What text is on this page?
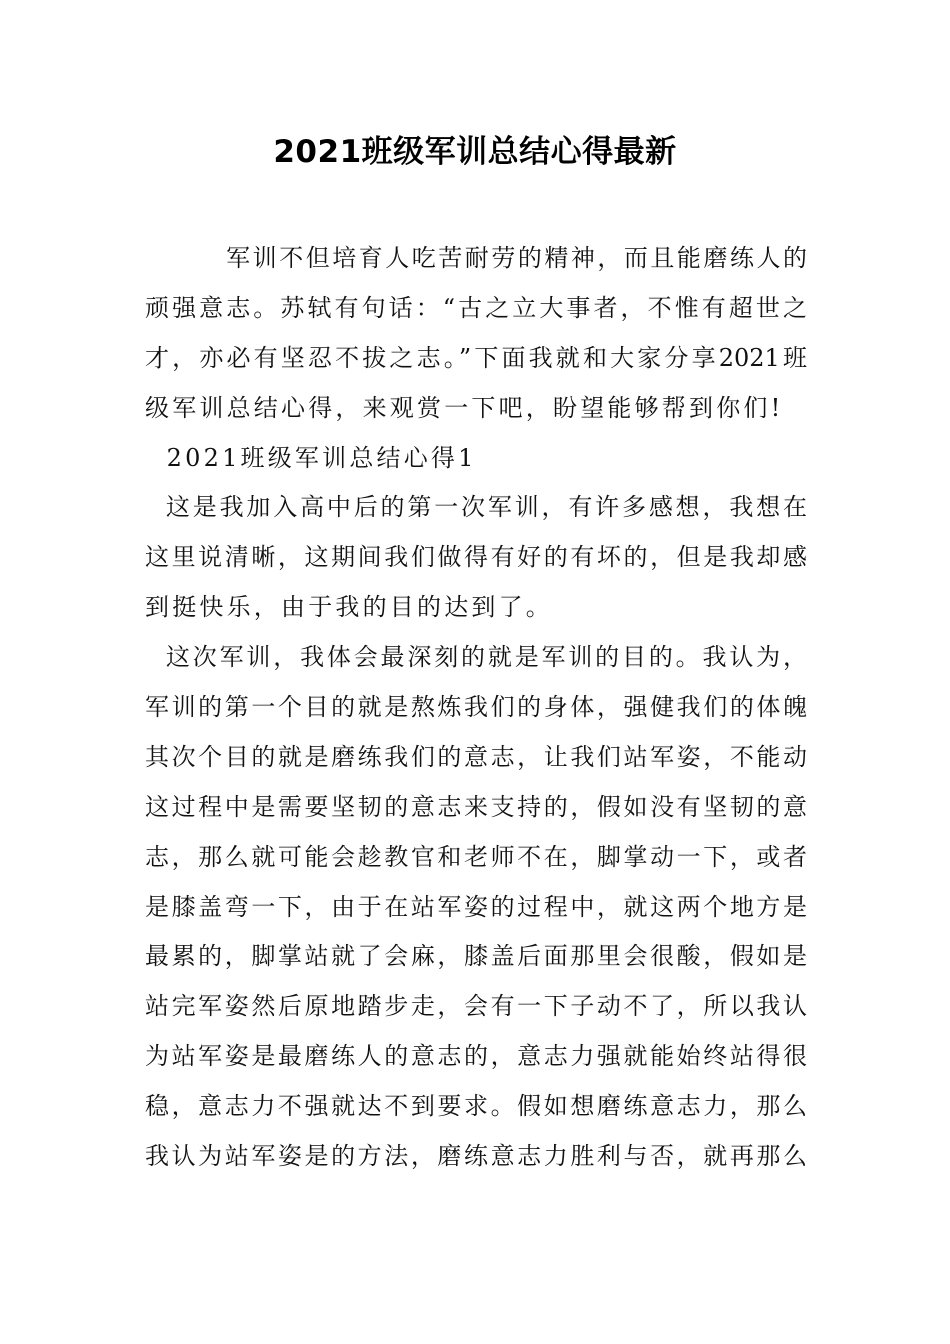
2021班级军训总结心得最新
军训不但培育人吃苦耐劳的精神，而且能磨练人的
顽强意志。苏轼有句话：“古之立大事者，不惟有超世之
才，亦必有坚忍不拔之志。”下面我就和大家分享2021班
级军训总结心得，来观赏一下吧，盼望能够帮到你们!
2021班级军训总结心得1
这是我加入高中后的第一次军训，有许多感想，我想在
这里说清晰，这期间我们做得有好的有坏的，但是我却感
到挺快乐，由于我的目的达到了。
这次军训，我体会最深刻的就是军训的目的。我认为，
军训的第一个目的就是熬炼我们的身体，强健我们的体魄
其次个目的就是磨练我们的意志，让我们站军姿，不能动
这过程中是需要坚韧的意志来支持的，假如没有坚韧的意
志，那么就可能会趁教官和老师不在，脚掌动一下，或者
是膝盖弯一下，由于在站军姿的过程中，就这两个地方是
最累的，脚掌站就了会麻，膝盖后面那里会很酸，假如是
站完军姿然后原地踏步走，会有一下子动不了，所以我认
为站军姿是最磨练人的意志的，意志力强就能始终站得很
稳，意志力不强就达不到要求。假如想磨练意志力，那么
我认为站军姿是的方法，磨练意志力胜利与否，就再那么
